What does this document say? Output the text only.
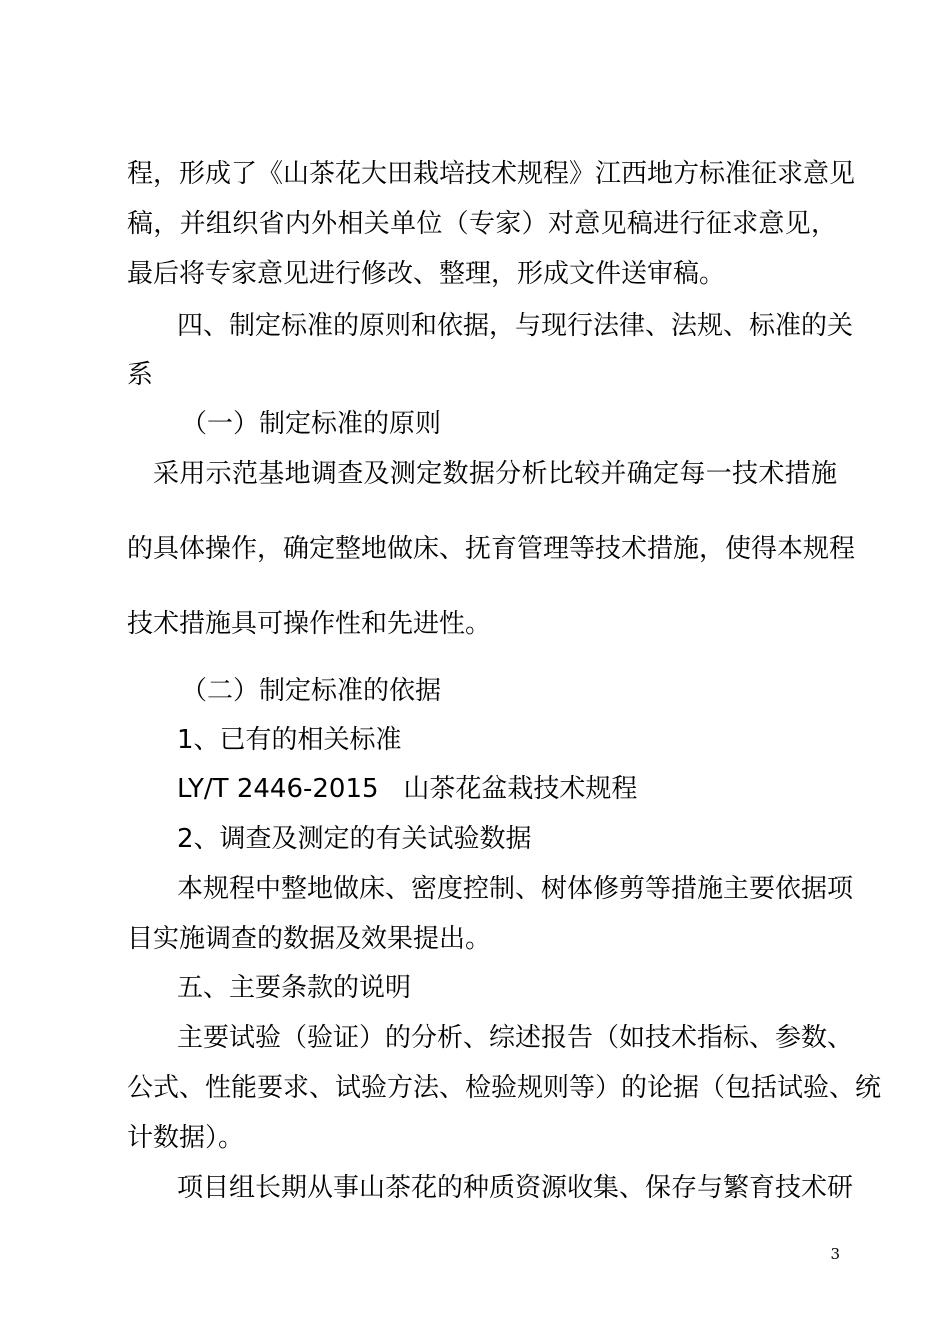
程，形成了《山茶花大田栽培技术规程》江西地方标准征求意见
稿，并组织省内外相关单位（专家）对意见稿进行征求意见，
最后将专家意见进行修改、整理，形成文件送审稿。
四、制定标准的原则和依据，与现行法律、法规、标准的关
系
（一）制定标准的原则
采用示范基地调查及测定数据分析比较并确定每一技术措施
的具体操作，确定整地做床、抚育管理等技术措施，使得本规程
技术措施具可操作性和先进性。
（二）制定标准的依据
1、已有的相关标准
LY/T 2446-2015   山茶花盆栽技术规程
2、调查及测定的有关试验数据
本规程中整地做床、密度控制、树体修剪等措施主要依据项
目实施调查的数据及效果提出。
五、主要条款的说明
主要试验（验证）的分析、综述报告（如技术指标、参数、
公式、性能要求、试验方法、检验规则等）的论据（包括试验、统
计数据）。
项目组长期从事山茶花的种质资源收集、保存与繁育技术研
3
